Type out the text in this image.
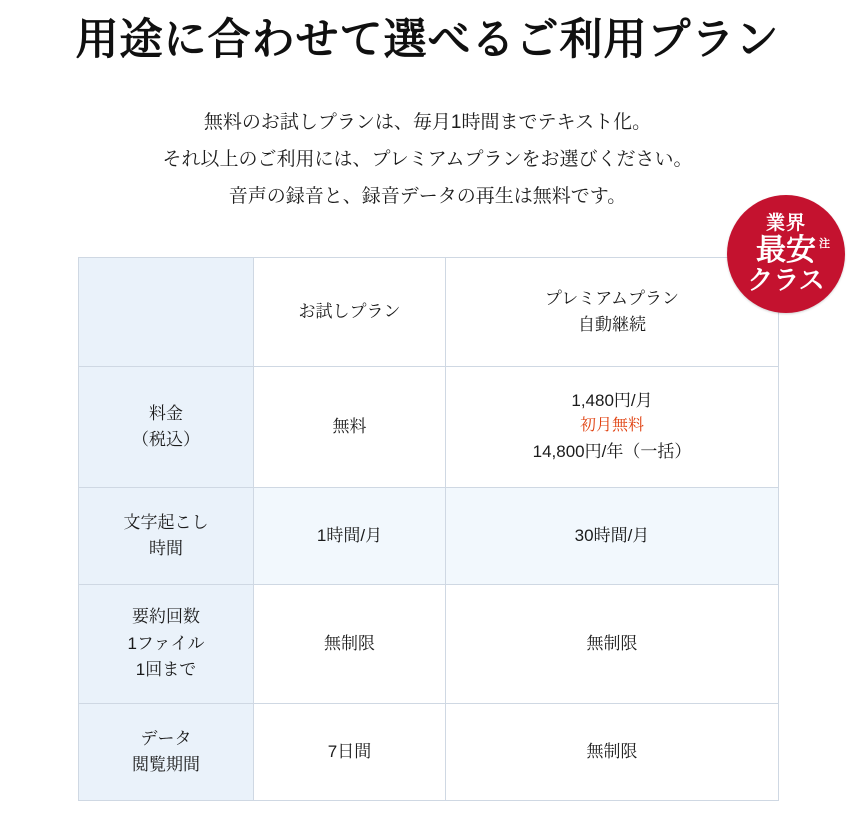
用途に合わせて選べるご利用プラン
無料のお試しプランは、毎月1時間までテキスト化。
それ以上のご利用には、プレミアムプランをお選びください。
音声の録音と、録音データの再生は無料です。
業界
最安 注
クラス
	お試しプラン	プレミアムプラン
自動継続

料金
（税込）	無料	1,480円/月
初月無料
14,800円/年（一括）

文字起こし
時間	1時間/月	30時間/月

要約回数
1ファイル
1回まで	無制限	無制限

データ
閲覧期間	7日間	無制限
